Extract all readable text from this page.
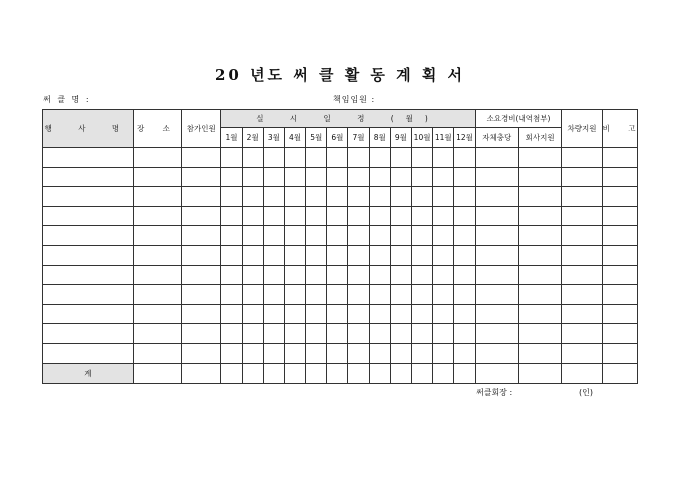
20 년도 써 클 활 동 계 획 서
써 클 명 :	책임임원 :
행 사 명	장 소	참가인원	실 시 일 정 (월)												소요경비(내역첨부)		차량지원	비 고
			1월	2월	3월	4월	5월	6월	7월	8월	9월	10월	11월	12월	자체충당	회사지원		

계																		
써클회장 :	(인)
